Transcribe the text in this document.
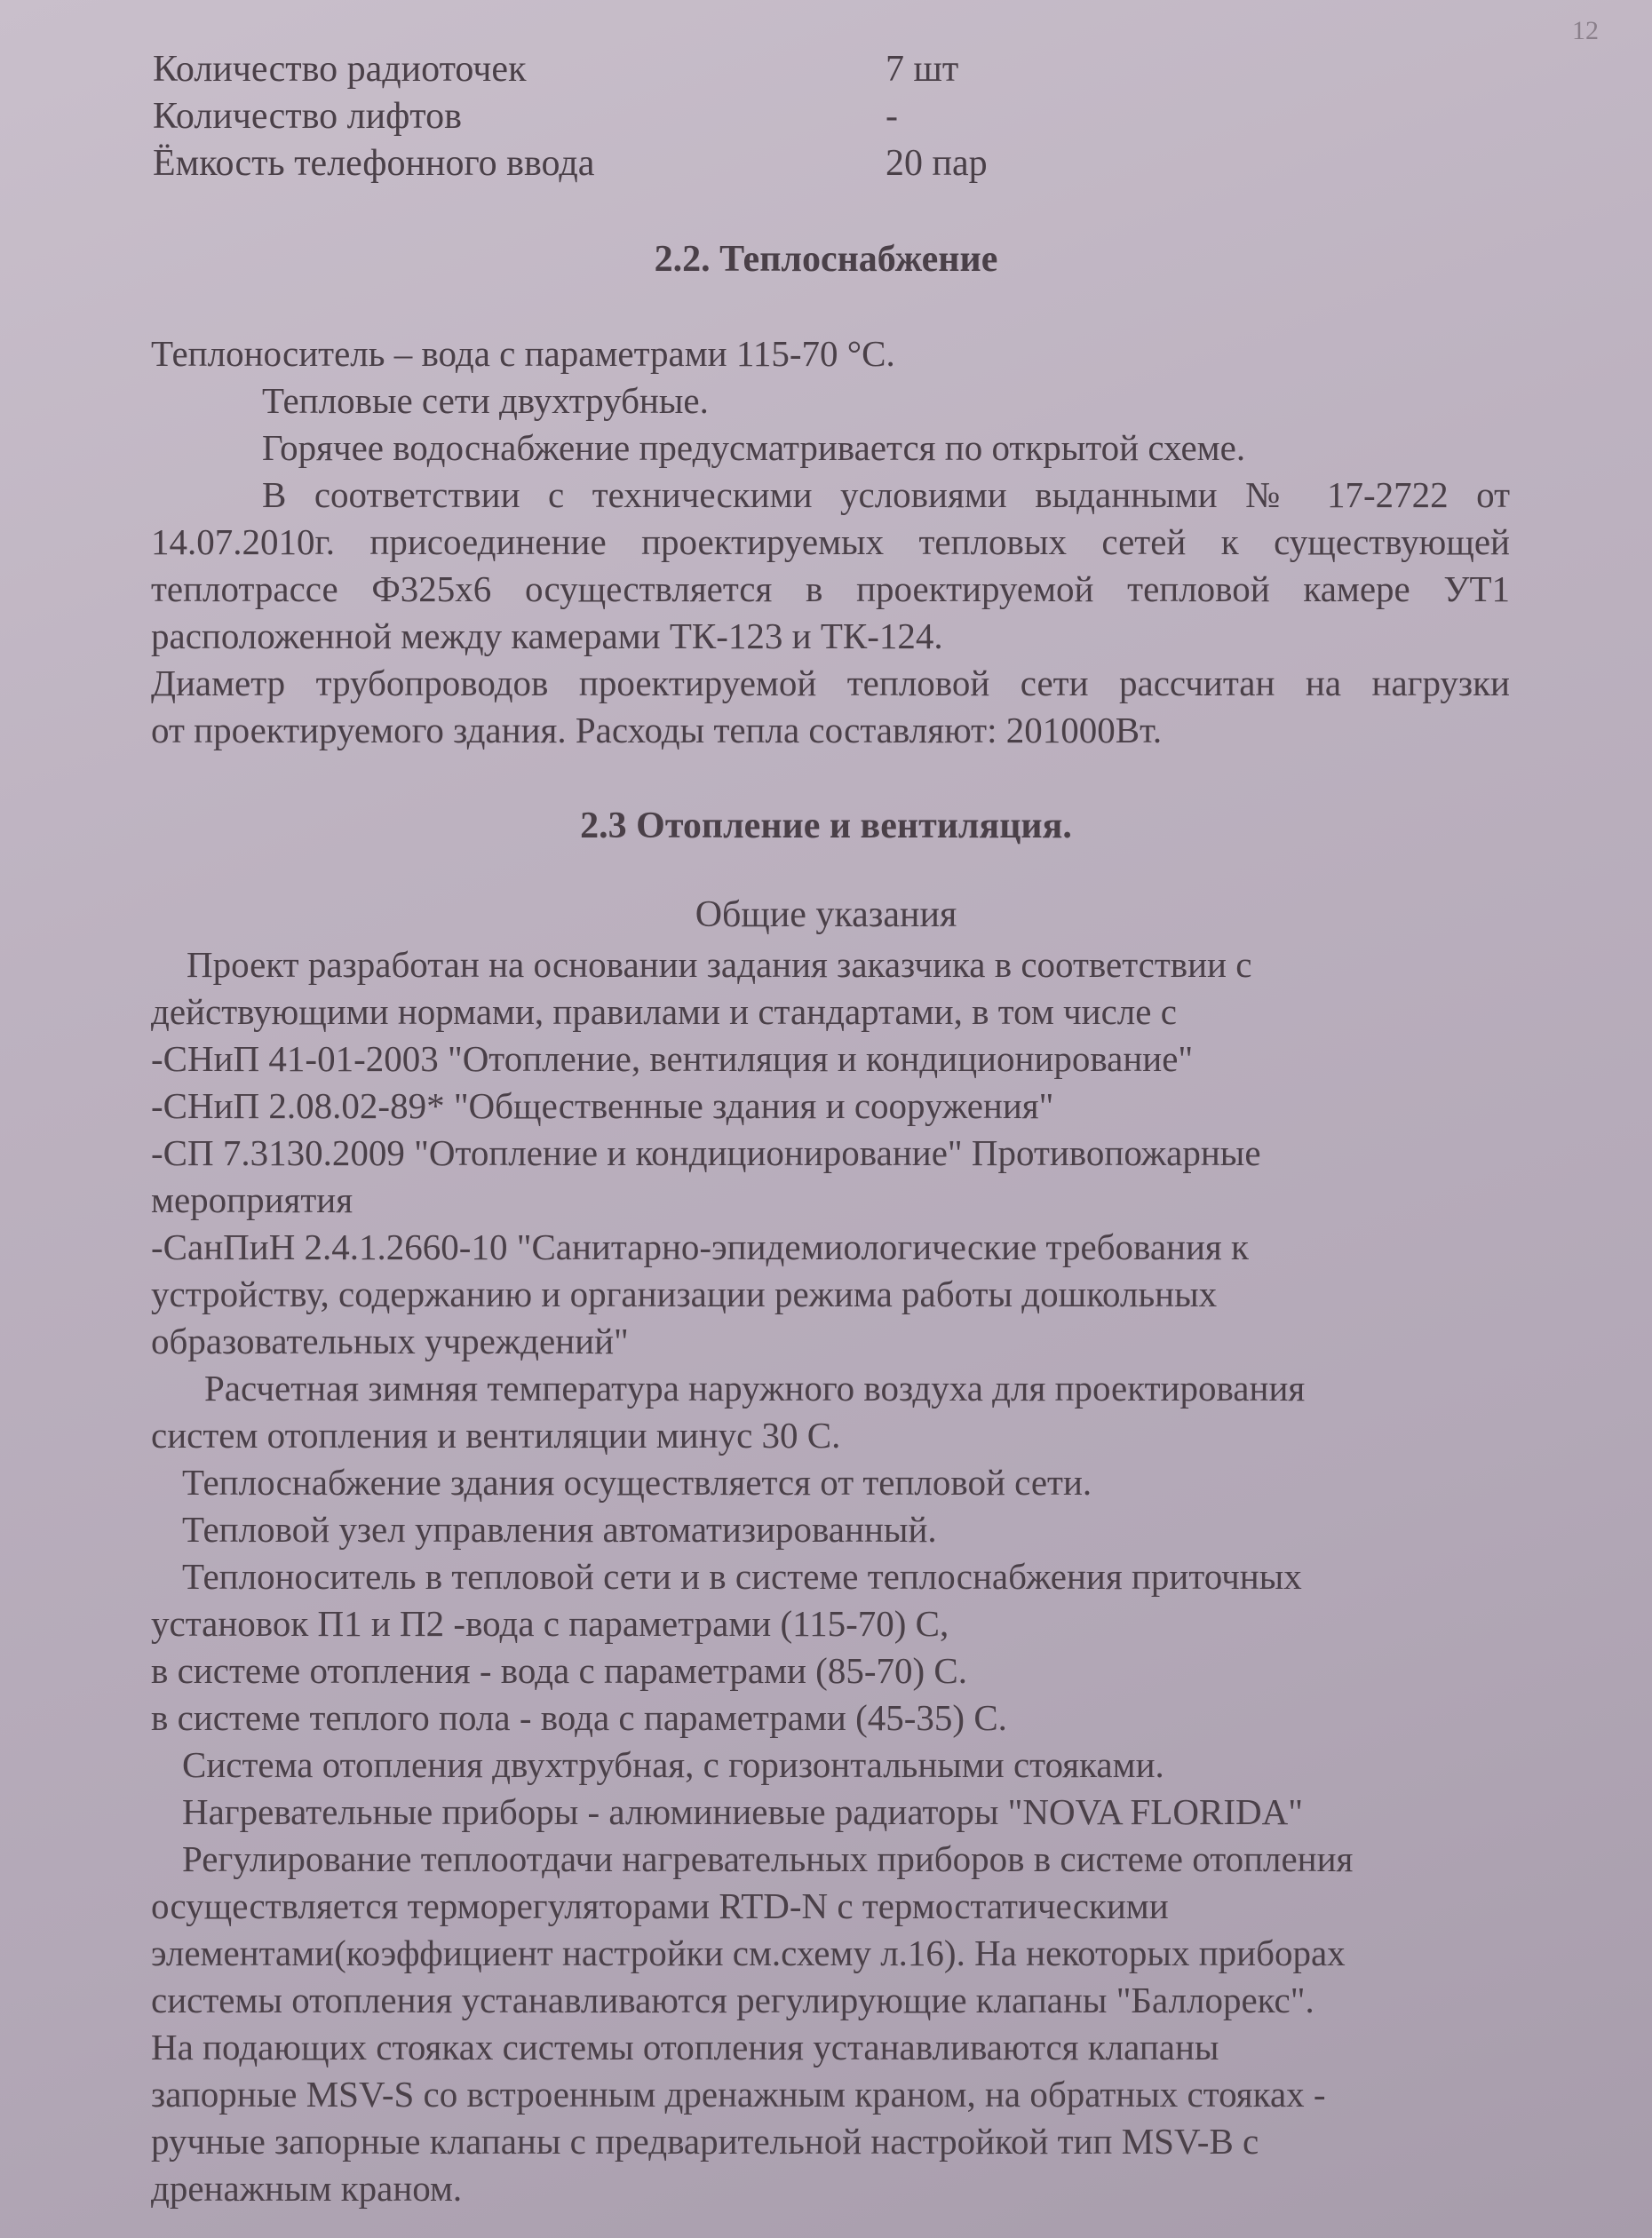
12
Количество радиоточек	7 шт
Количество лифтов	-
Ёмкость телефонного ввода	20 пар
2.2. Теплоснабжение
Теплоноситель – вода с параметрами 115-70 °С.
Тепловые сети двухтрубные.
Горячее водоснабжение предусматривается по открытой схеме.
В соответствии с техническими условиями выданными № 17-2722 от
14.07.2010г. присоединение проектируемых тепловых сетей к существующей
теплотрассе Ф325х6 осуществляется в проектируемой тепловой камере УТ1
расположенной между камерами ТК-123 и ТК-124.
Диаметр трубопроводов проектируемой тепловой сети рассчитан на нагрузки
от проектируемого здания. Расходы тепла составляют: 201000Вт.
2.3 Отопление и вентиляция.
Общие указания
Проект разработан на основании задания заказчика в соответствии с
действующими нормами, правилами и стандартами, в том числе с
-СНиП 41-01-2003 "Отопление, вентиляция и кондиционирование"
-СНиП 2.08.02-89* "Общественные здания и сооружения"
-СП 7.3130.2009 "Отопление и кондиционирование" Противопожарные
мероприятия
-СанПиН 2.4.1.2660-10 "Санитарно-эпидемиологические требования к
устройству, содержанию и организации режима работы дошкольных
образовательных учреждений"
Расчетная зимняя температура наружного воздуха для проектирования
систем отопления и вентиляции минус 30 С.
Теплоснабжение здания осуществляется от тепловой сети.
Тепловой узел управления автоматизированный.
Теплоноситель в тепловой сети и в системе теплоснабжения приточных
установок П1 и П2 -вода с параметрами (115-70) С,
в системе отопления - вода с параметрами (85-70) С.
в системе теплого пола - вода с параметрами (45-35) С.
Система отопления двухтрубная, с горизонтальными стояками.
Нагревательные приборы - алюминиевые радиаторы "NOVA FLORIDA"
Регулирование теплоотдачи нагревательных приборов в системе отопления
осуществляется терморегуляторами RTD-N с термостатическими
элементами(коэффициент настройки см.схему л.16). На некоторых приборах
системы отопления устанавливаются регулирующие клапаны "Баллорекс".
На подающих стояках системы отопления устанавливаются клапаны
запорные MSV-S со встроенным дренажным краном, на обратных стояках -
ручные запорные клапаны с предварительной настройкой тип MSV-B с
дренажным краном.
